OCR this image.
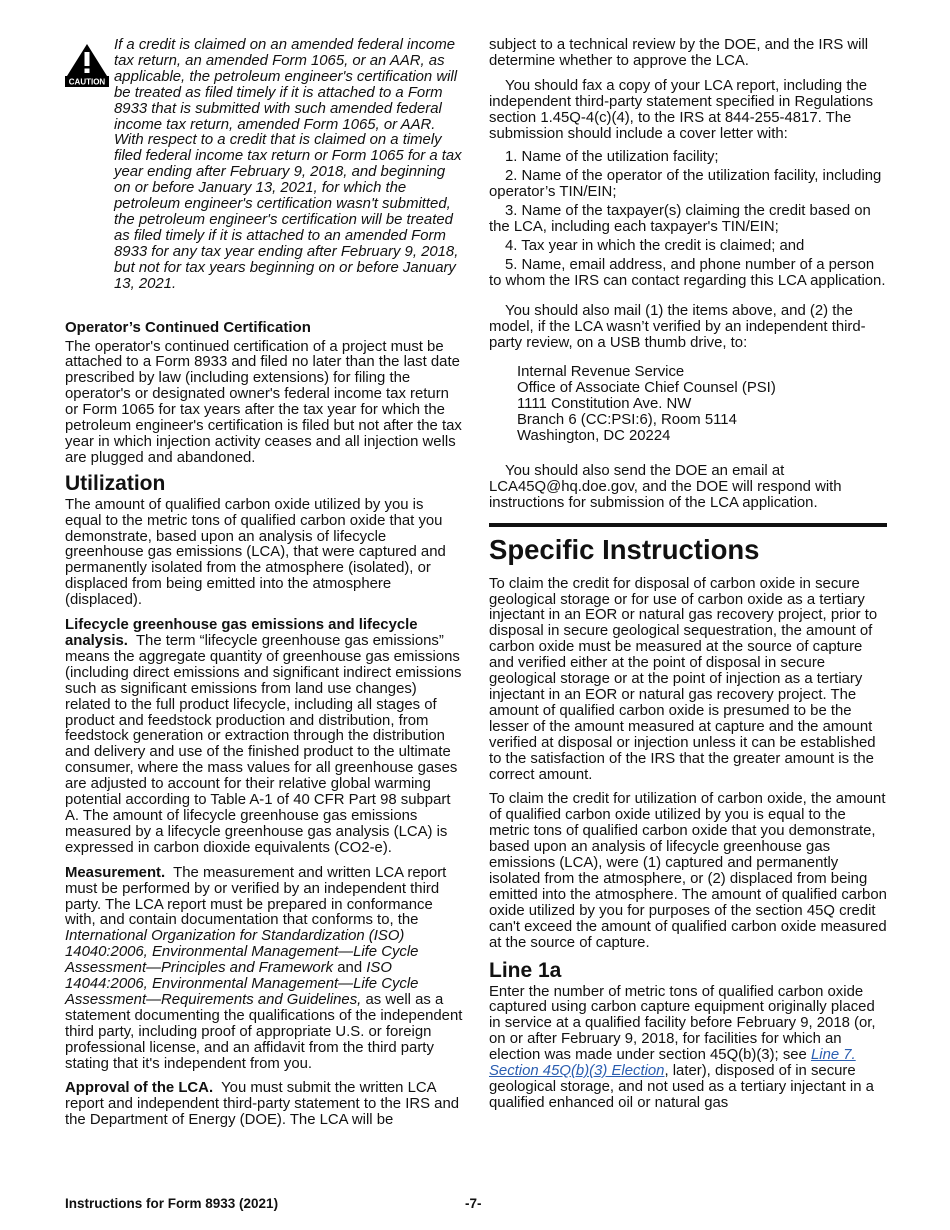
CAUTION

If a credit is claimed on an amended federal income tax return, an amended Form 1065, or an AAR, as applicable, the petroleum engineer's certification will be treated as filed timely if it is attached to a Form 8933 that is submitted with such amended federal income tax return, amended Form 1065, or AAR. With respect to a credit that is claimed on a timely filed federal income tax return or Form 1065 for a tax year ending after February 9, 2018, and beginning on or before January 13, 2021, for which the petroleum engineer's certification wasn't submitted, the petroleum engineer's certification will be treated as filed timely if it is attached to an amended Form 8933 for any tax year ending after February 9, 2018, but not for tax years beginning on or before January 13, 2021.

Operator’s Continued Certification

The operator's continued certification of a project must be attached to a Form 8933 and filed no later than the last date prescribed by law (including extensions) for filing the operator's or designated owner's federal income tax return or Form 1065 for tax years after the tax year for which the petroleum engineer's certification is filed but not after the tax year in which injection activity ceases and all injection wells are plugged and abandoned.

Utilization

The amount of qualified carbon oxide utilized by you is equal to the metric tons of qualified carbon oxide that you demonstrate, based upon an analysis of lifecycle greenhouse gas emissions (LCA), that were captured and permanently isolated from the atmosphere (isolated), or displaced from being emitted into the atmosphere (displaced).

Lifecycle greenhouse gas emissions and lifecycle analysis. The term “lifecycle greenhouse gas emissions” means the aggregate quantity of greenhouse gas emissions (including direct emissions and significant indirect emissions such as significant emissions from land use changes) related to the full product lifecycle, including all stages of product and feedstock production and distribution, from feedstock generation or extraction through the distribution and delivery and use of the finished product to the ultimate consumer, where the mass values for all greenhouse gases are adjusted to account for their relative global warming potential according to Table A-1 of 40 CFR Part 98 subpart A. The amount of lifecycle greenhouse gas emissions measured by a lifecycle greenhouse gas analysis (LCA) is expressed in carbon dioxide equivalents (CO2-e).

Measurement. The measurement and written LCA report must be performed by or verified by an independent third party. The LCA report must be prepared in conformance with, and contain documentation that conforms to, the International Organization for Standardization (ISO) 14040:2006, Environmental Management—Life Cycle Assessment—Principles and Framework and ISO 14044:2006, Environmental Management—Life Cycle Assessment—Requirements and Guidelines, as well as a statement documenting the qualifications of the independent third party, including proof of appropriate U.S. or foreign professional license, and an affidavit from the third party stating that it's independent from you.

Approval of the LCA. You must submit the written LCA report and independent third-party statement to the IRS and the Department of Energy (DOE). The LCA will be

subject to a technical review by the DOE, and the IRS will determine whether to approve the LCA.

You should fax a copy of your LCA report, including the independent third-party statement specified in Regulations section 1.45Q-4(c)(4), to the IRS at 844-255-4817. The submission should include a cover letter with:

1. Name of the utilization facility;

2. Name of the operator of the utilization facility, including operator’s TIN/EIN;

3. Name of the taxpayer(s) claiming the credit based on the LCA, including each taxpayer's TIN/EIN;

4. Tax year in which the credit is claimed; and

5. Name, email address, and phone number of a person to whom the IRS can contact regarding this LCA application.

You should also mail (1) the items above, and (2) the model, if the LCA wasn’t verified by an independent third-party review, on a USB thumb drive, to:

Internal Revenue Service
Office of Associate Chief Counsel (PSI)
1111 Constitution Ave. NW
Branch 6 (CC:PSI:6), Room 5114
Washington, DC 20224

You should also send the DOE an email at LCA45Q@hq.doe.gov, and the DOE will respond with instructions for submission of the LCA application.

Specific Instructions

To claim the credit for disposal of carbon oxide in secure geological storage or for use of carbon oxide as a tertiary injectant in an EOR or natural gas recovery project, prior to disposal in secure geological sequestration, the amount of carbon oxide must be measured at the source of capture and verified either at the point of disposal in secure geological storage or at the point of injection as a tertiary injectant in an EOR or natural gas recovery project. The amount of qualified carbon oxide is presumed to be the lesser of the amount measured at capture and the amount verified at disposal or injection unless it can be established to the satisfaction of the IRS that the greater amount is the correct amount.

To claim the credit for utilization of carbon oxide, the amount of qualified carbon oxide utilized by you is equal to the metric tons of qualified carbon oxide that you demonstrate, based upon an analysis of lifecycle greenhouse gas emissions (LCA), were (1) captured and permanently isolated from the atmosphere, or (2) displaced from being emitted into the atmosphere. The amount of qualified carbon oxide utilized by you for purposes of the section 45Q credit can't exceed the amount of qualified carbon oxide measured at the source of capture.

Line 1a

Enter the number of metric tons of qualified carbon oxide captured using carbon capture equipment originally placed in service at a qualified facility before February 9, 2018 (or, on or after February 9, 2018, for facilities for which an election was made under section 45Q(b)(3); see Line 7. Section 45Q(b)(3) Election, later), disposed of in secure geological storage, and not used as a tertiary injectant in a qualified enhanced oil or natural gas

Instructions for Form 8933 (2021)	-7-
